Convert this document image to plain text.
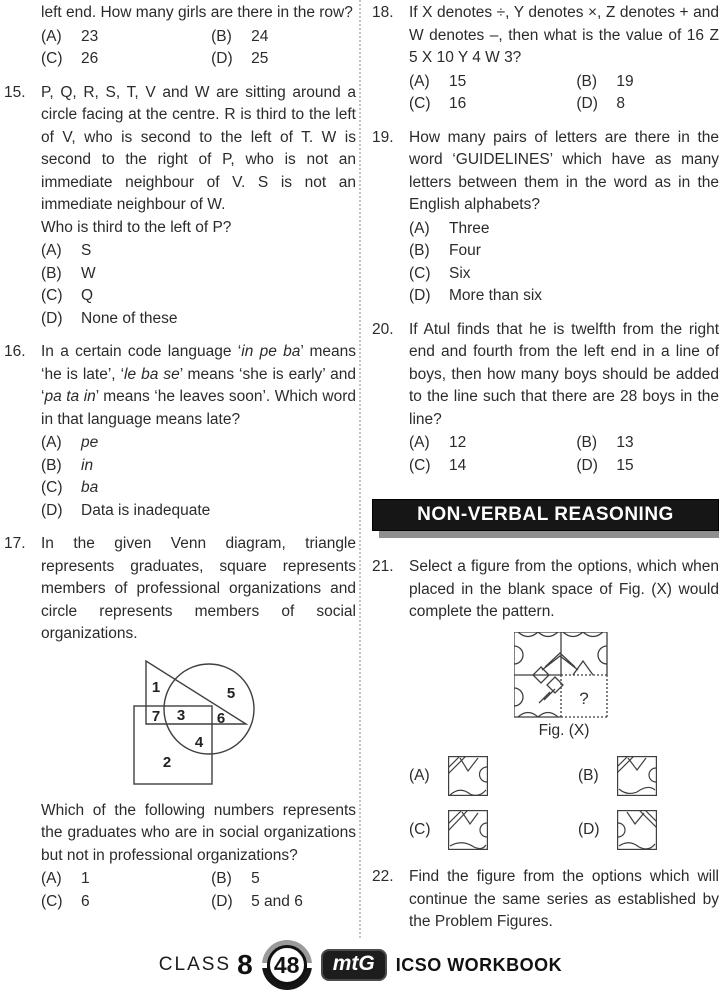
left end. How many girls are there in the row?
(A)	23	(B)	24
(C)	26	(D)	25
15. P, Q, R, S, T, V and W are sitting around a circle facing at the centre. R is third to the left of V, who is second to the left of T. W is second to the right of P, who is not an immediate neighbour of V. S is not an immediate neighbour of W.
Who is third to the left of P?
(A)	S
(B)	W
(C)	Q
(D)	None of these
16. In a certain code language ‘in pe ba’ means ‘he is late’, ‘le ba se’ means ‘she is early’ and ‘pa ta in’ means ‘he leaves soon’. Which word in that language means late?
(A)	pe
(B)	in
(C)	ba
(D)	Data is inadequate
17. In the given Venn diagram, triangle represents graduates, square represents members of professional organizations and circle represents members of social organizations.
1	5
7 3 6
4
2
Which of the following numbers represents the graduates who are in social organizations but not in professional organizations?
(A)	1	(B)	5
(C)	6	(D)	5 and 6
18. If X denotes ÷, Y denotes ×, Z denotes + and W denotes –, then what is the value of 16 Z 5 X 10 Y 4 W 3?
(A)	15	(B)	19
(C)	16	(D)	8
19. How many pairs of letters are there in the word ‘GUIDELINES’ which have as many letters between them in the word as in the English alphabets?
(A)	Three
(B)	Four
(C)	Six
(D)	More than six
20. If Atul finds that he is twelfth from the right end and fourth from the left end in a line of boys, then how many boys should be added to the line such that there are 28 boys in the line?
(A)	12	(B)	13
(C)	14	(D)	15
NON-VERBAL REASONING
21. Select a figure from the options, which when placed in the blank space of Fig. (X) would complete the pattern.
?
Fig. (X)
(A)	(B)
(C)	(D)
22. Find the figure from the options which will continue the same series as established by the Problem Figures.
CLASS 8 48	mtG	ICSO WORKBOOK
